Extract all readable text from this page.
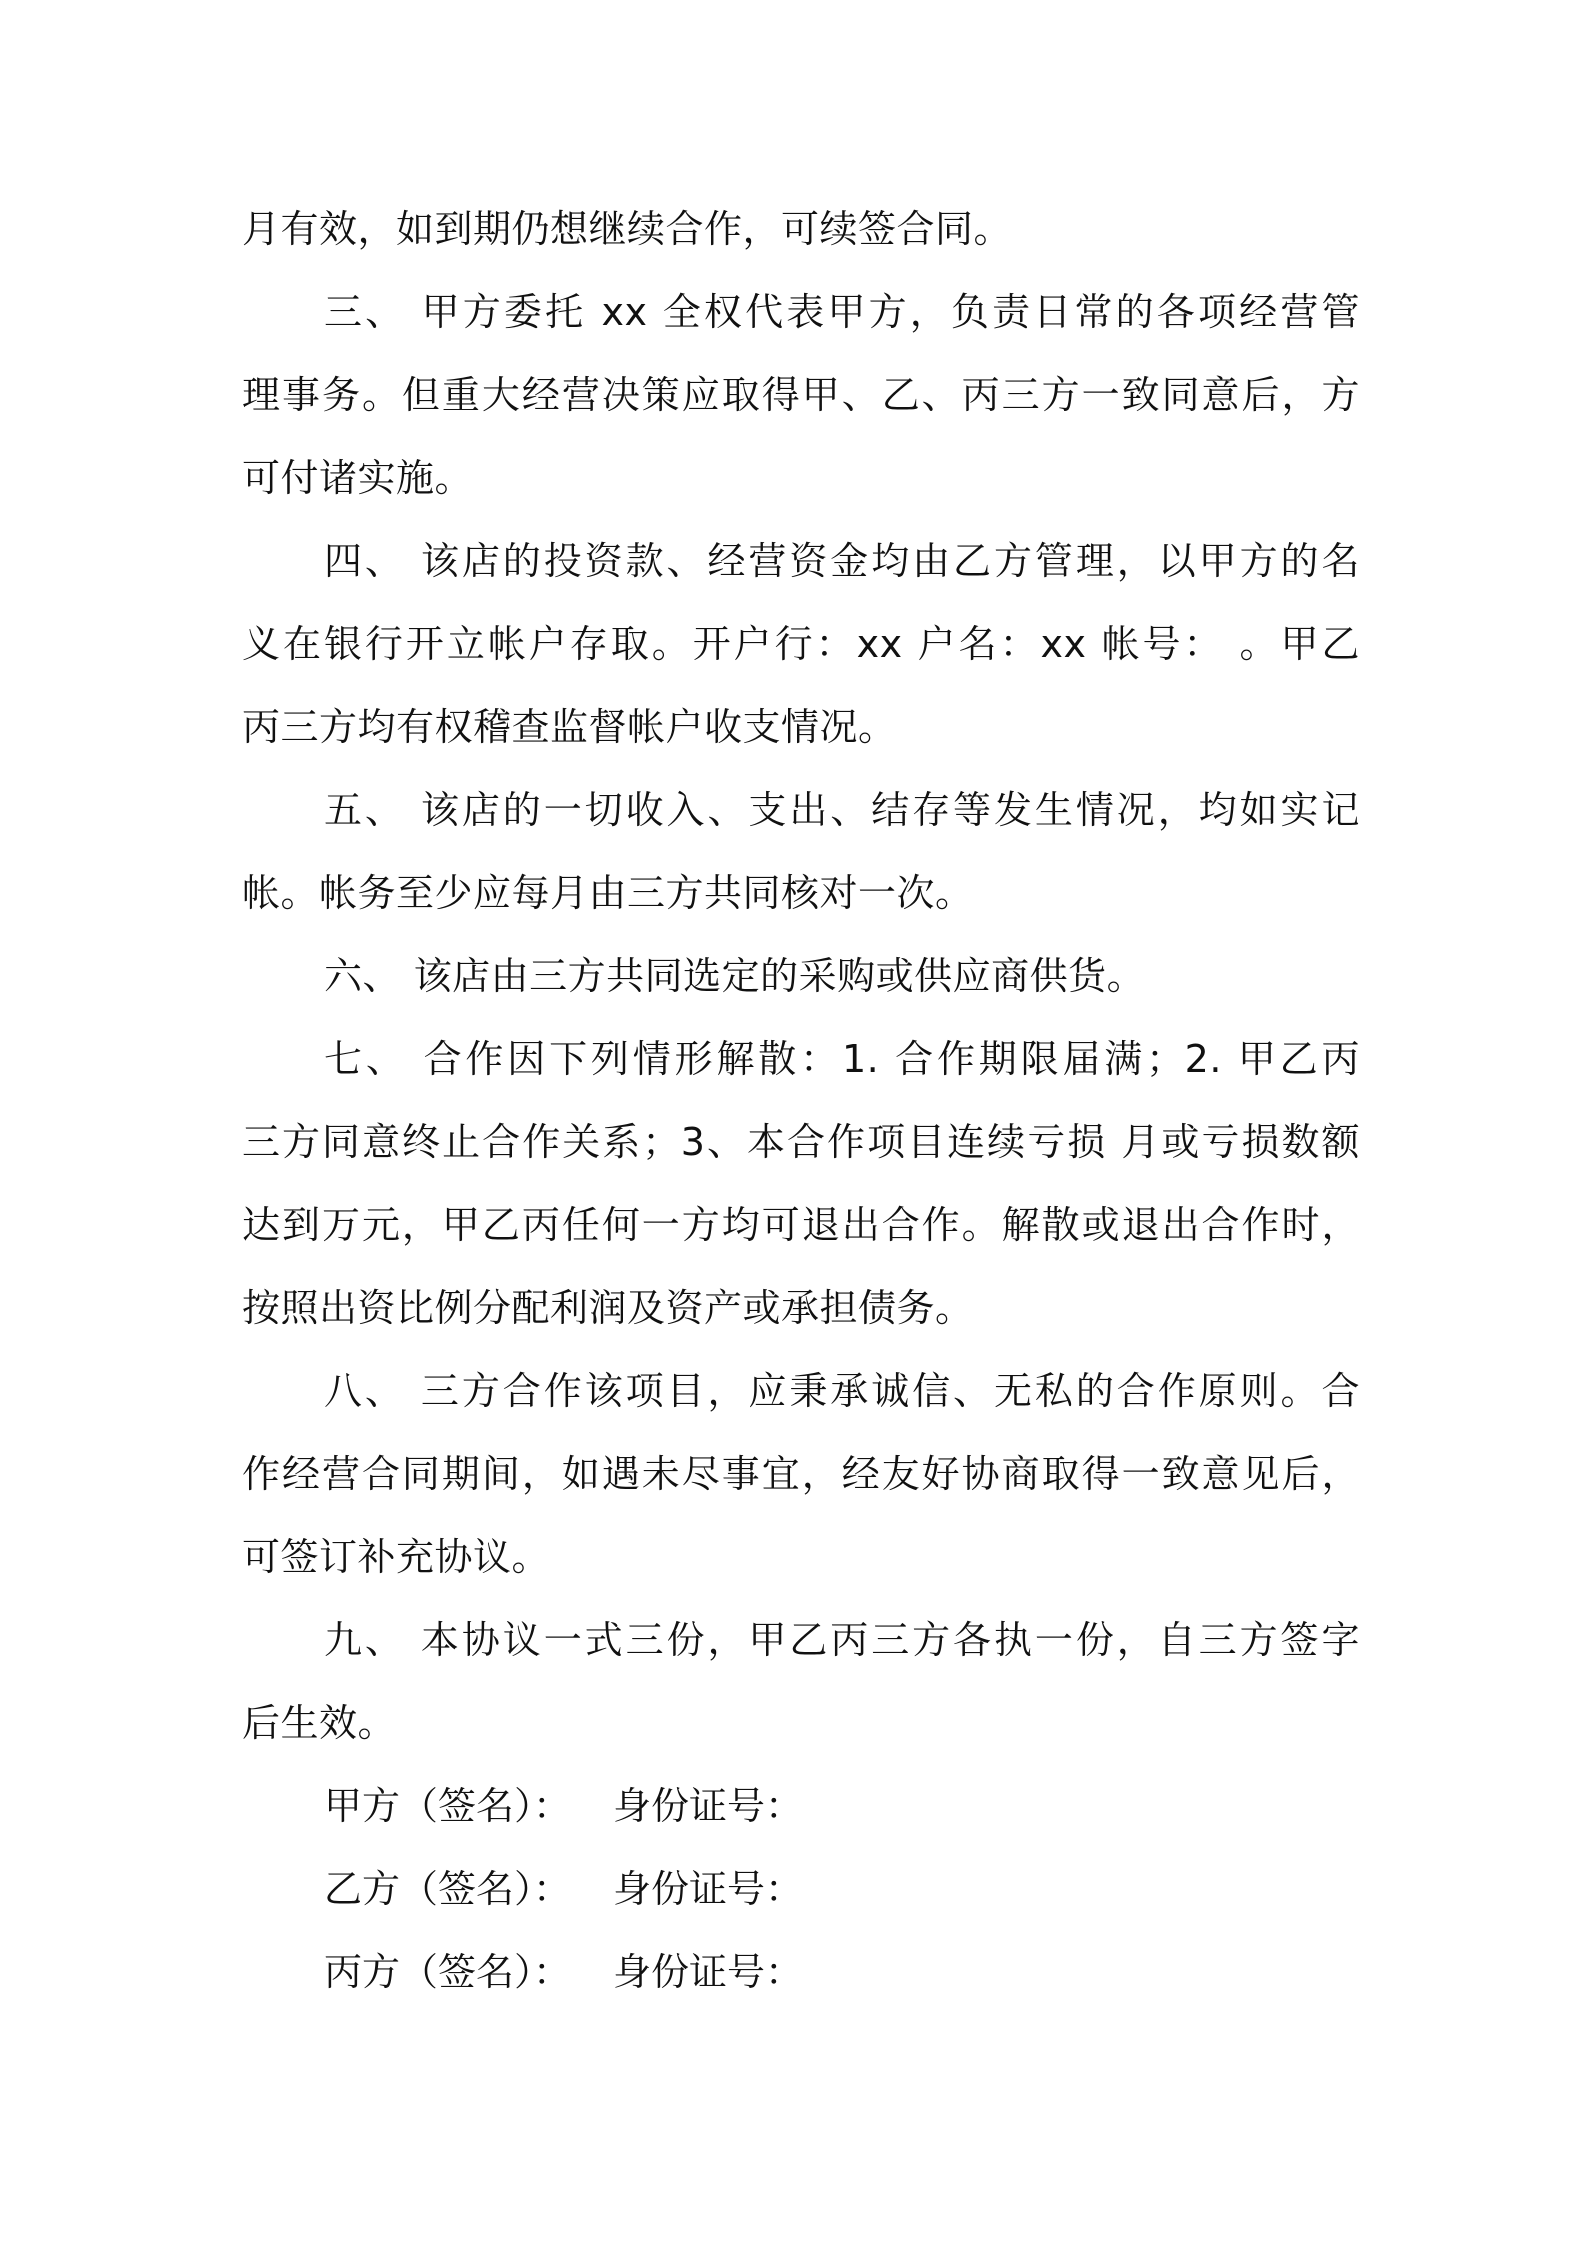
月有效，如到期仍想继续合作，可续签合同。
三、 甲方委托 xx 全权代表甲方，负责日常的各项经营管
理事务。但重大经营决策应取得甲、乙、丙三方一致同意后，方
可付诸实施。
四、 该店的投资款、经营资金均由乙方管理，以甲方的名
义在银行开立帐户存取。开户行：xx 户名：xx 帐号： 。甲乙
丙三方均有权稽查监督帐户收支情况。
五、 该店的一切收入、支出、结存等发生情况，均如实记
帐。帐务至少应每月由三方共同核对一次。
六、 该店由三方共同选定的采购或供应商供货。
七、 合作因下列情形解散：1. 合作期限届满；2. 甲乙丙
三方同意终止合作关系；3、本合作项目连续亏损 月或亏损数额
达到万元，甲乙丙任何一方均可退出合作。解散或退出合作时，
按照出资比例分配利润及资产或承担债务。
八、 三方合作该项目，应秉承诚信、无私的合作原则。合
作经营合同期间，如遇未尽事宜，经友好协商取得一致意见后，
可签订补充协议。
九、 本协议一式三份，甲乙丙三方各执一份，自三方签字
后生效。
甲方（签名）： 身份证号：
乙方（签名）： 身份证号：
丙方（签名）： 身份证号：
